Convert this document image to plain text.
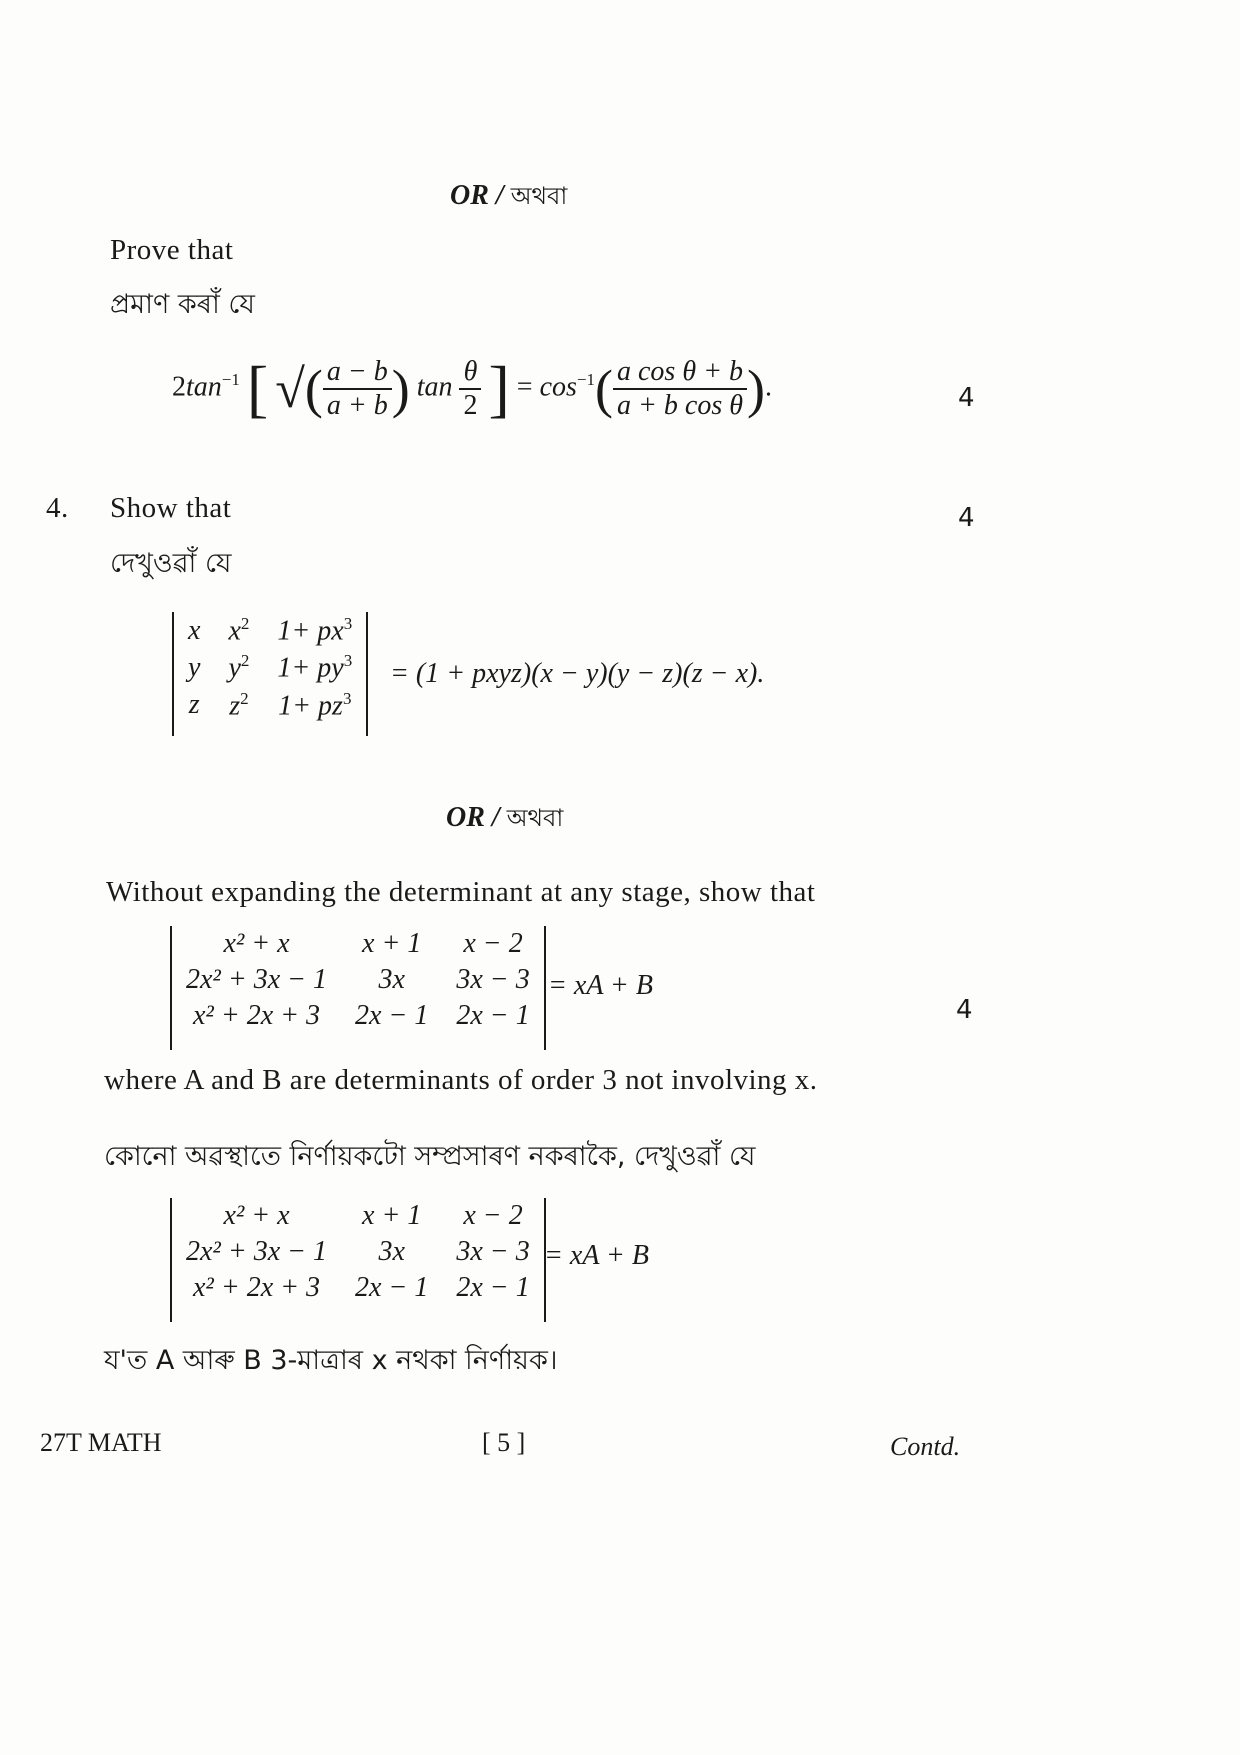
OR / অথবা
Prove that
প্ৰমাণ কৰাঁ যে
$2\tan^{-1}$ [ √( $\frac{a - b}{a + b}$ ) $\tan \frac{\theta}{2}$ ] = $\cos^{-1}( \frac{\text{a cos θ + b}}{\text{a + b cos θ}}$ ).	4
4. Show that	4
দেখুওৱাঁ যে
x	$x^2$	$1+ px^3$
y	$y^2$	$1+ py^3$
z	$z^2$	$1+ pz^3$
= (1 + pxyz)(x − y)(y − z)(z − x).
OR / অথবা
Without expanding the determinant at any stage, show that
x² + x	x + 1	x − 2
2x² + 3x − 1	3x	3x − 3
x² + 2x + 3	2x − 1	2x − 1
= xA + B
4
where A and B are determinants of order 3 not involving x.
কোনো অৱস্থাতে নিৰ্ণায়কটো সম্প্ৰসাৰণ নকৰাকৈ, দেখুওৱাঁ যে
x² + x	x + 1	x − 2
2x² + 3x − 1	3x	3x − 3
x² + 2x + 3	2x − 1	2x − 1
= xA + B
য'ত A আৰু B 3-মাত্ৰাৰ x নথকা নিৰ্ণায়ক।
27T MATH	[ 5 ]	Contd.
